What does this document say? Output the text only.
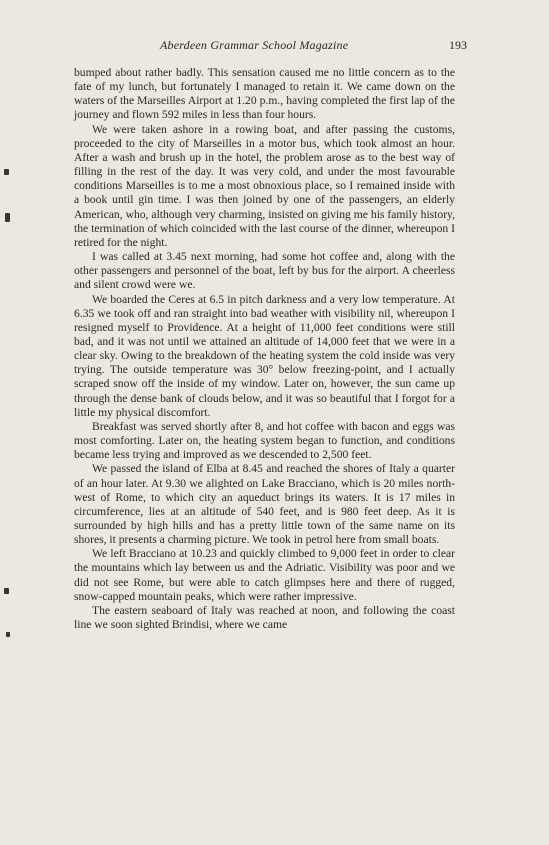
Aberdeen Grammar School Magazine	193

bumped about rather badly. This sensation caused me no little concern as to the fate of my lunch, but fortunately I managed to retain it. We came down on the waters of the Marseilles Airport at 1.20 p.m., having completed the first lap of the journey and flown 592 miles in less than four hours.

We were taken ashore in a rowing boat, and after passing the customs, proceeded to the city of Marseilles in a motor bus, which took almost an hour. After a wash and brush up in the hotel, the problem arose as to the best way of filling in the rest of the day. It was very cold, and under the most favourable conditions Marseilles is to me a most obnoxious place, so I remained inside with a book until gin time. I was then joined by one of the passengers, an elderly American, who, although very charming, insisted on giving me his family history, the termination of which coincided with the last course of the dinner, whereupon I retired for the night.

I was called at 3.45 next morning, had some hot coffee and, along with the other passengers and personnel of the boat, left by bus for the airport. A cheerless and silent crowd were we.

We boarded the Ceres at 6.5 in pitch darkness and a very low temperature. At 6.35 we took off and ran straight into bad weather with visibility nil, whereupon I resigned myself to Providence. At a height of 11,000 feet conditions were still bad, and it was not until we attained an altitude of 14,000 feet that we were in a clear sky. Owing to the breakdown of the heating system the cold inside was very trying. The outside temperature was 30° below freezing-point, and I actually scraped snow off the inside of my window. Later on, however, the sun came up through the dense bank of clouds below, and it was so beautiful that I forgot for a little my physical discomfort.

Breakfast was served shortly after 8, and hot coffee with bacon and eggs was most comforting. Later on, the heating system began to function, and conditions became less trying and improved as we descended to 2,500 feet.

We passed the island of Elba at 8.45 and reached the shores of Italy a quarter of an hour later. At 9.30 we alighted on Lake Bracciano, which is 20 miles north-west of Rome, to which city an aqueduct brings its waters. It is 17 miles in circumference, lies at an altitude of 540 feet, and is 980 feet deep. As it is surrounded by high hills and has a pretty little town of the same name on its shores, it presents a charming picture. We took in petrol here from small boats.

We left Bracciano at 10.23 and quickly climbed to 9,000 feet in order to clear the mountains which lay between us and the Adriatic. Visibility was poor and we did not see Rome, but were able to catch glimpses here and there of rugged, snow-capped mountain peaks, which were rather impressive.

The eastern seaboard of Italy was reached at noon, and following the coast line we soon sighted Brindisi, where we came
